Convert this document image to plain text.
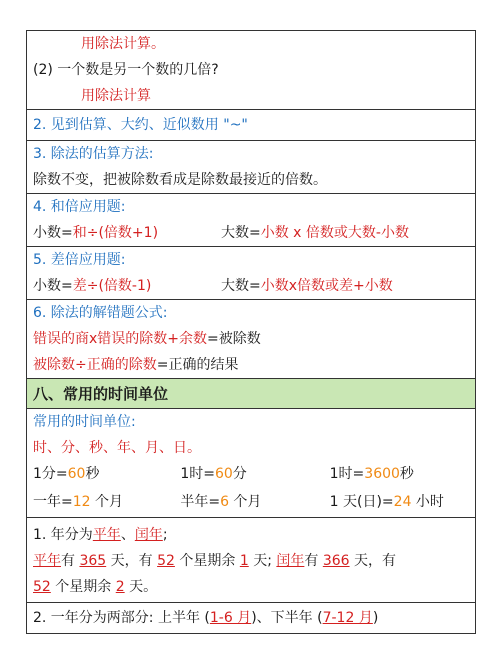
用除法计算。
(2) 一个数是另一个数的几倍?
用除法计算
2. 见到估算、大约、近似数用 "~"
3. 除法的估算方法:
除数不变，把被除数看成是除数最接近的倍数。
4. 和倍应用题:
小数=和÷(倍数+1)	大数=小数 x 倍数或大数-小数
5. 差倍应用题:
小数=差÷(倍数-1)	大数=小数x倍数或差+小数
6. 除法的解错题公式:
错误的商x错误的除数+余数=被除数
被除数÷正确的除数=正确的结果
八、常用的时间单位
常用的时间单位:
时、分、秒、年、月、日。
1分=60秒	1时=60分	1时=3600秒
一年=12 个月	半年=6 个月	1 天(日)=24 小时
1. 年分为平年、闰年;
平年有 365 天，有 52 个星期余 1 天; 闰年有 366 天，有
52 个星期余 2 天。
2. 一年分为两部分: 上半年 (1-6 月)、下半年 (7-12 月)
